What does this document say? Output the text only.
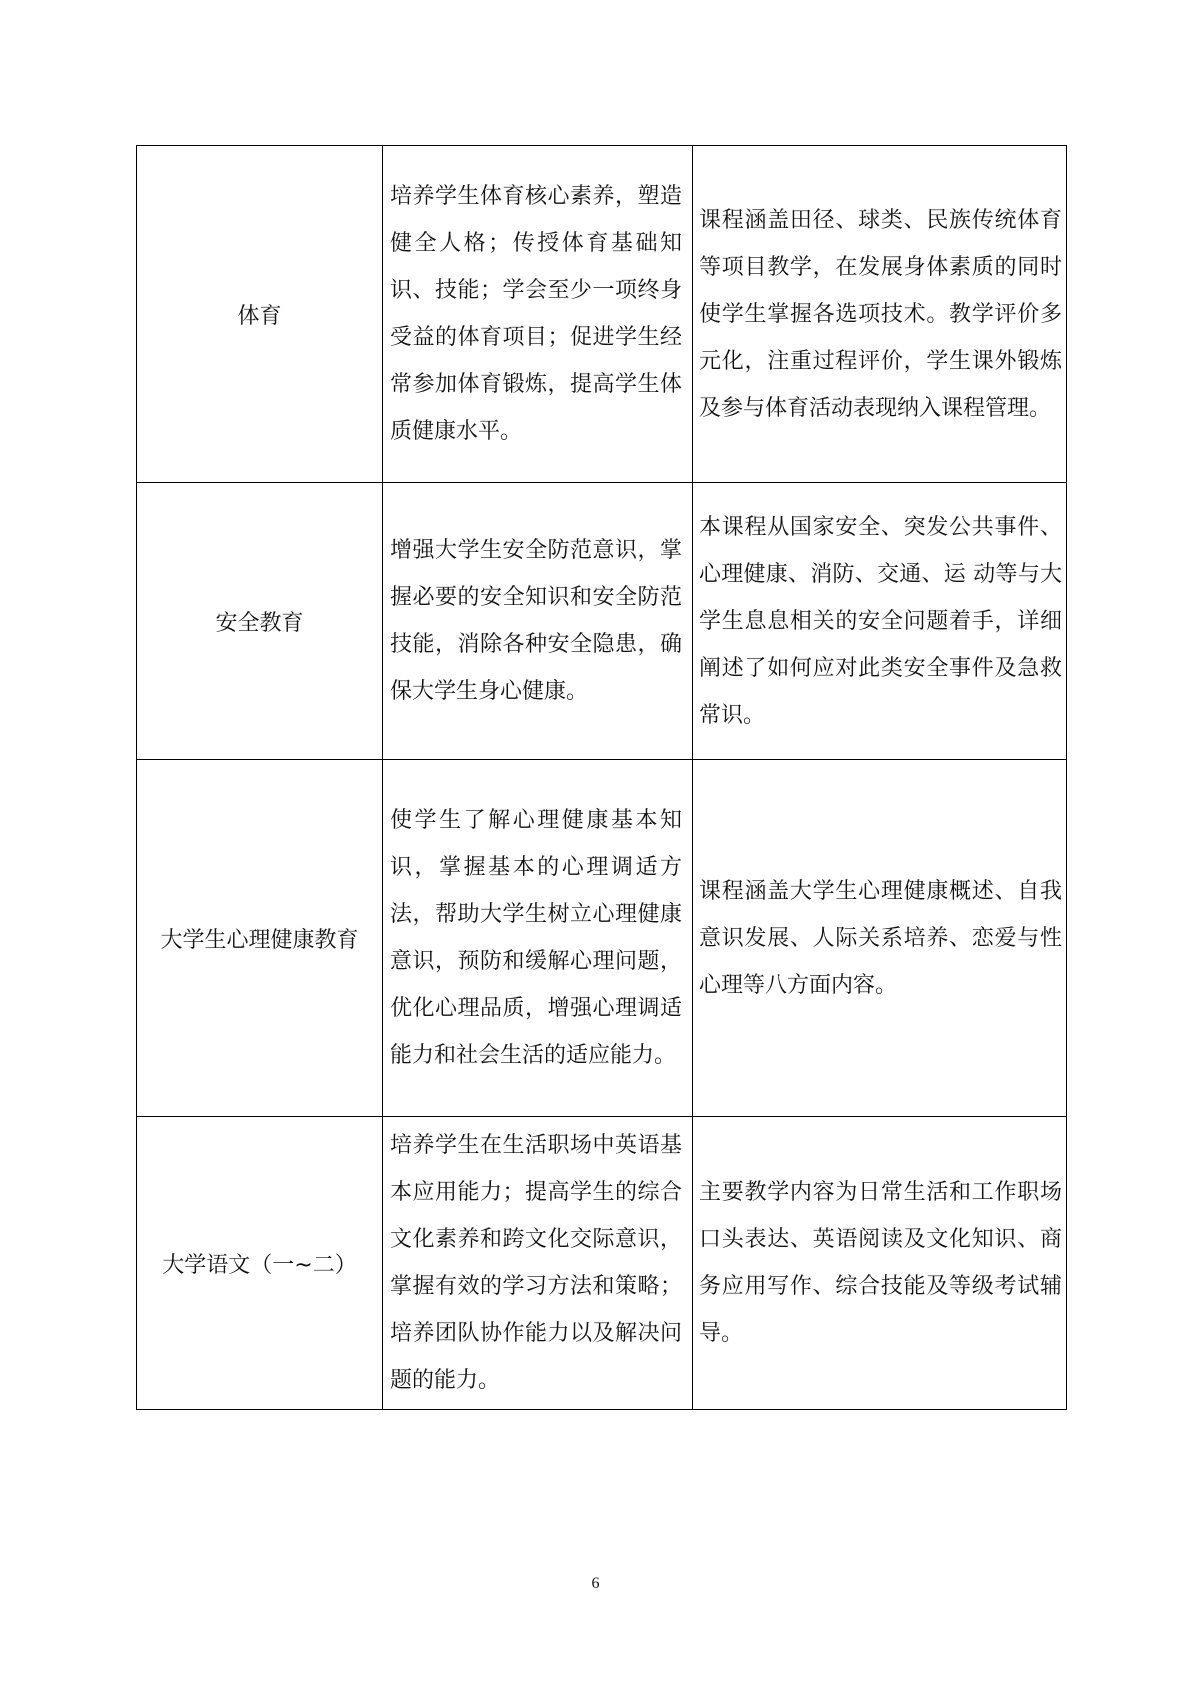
体育	培养学生体育核心素养，塑造健全人格；传授体育基础知识、技能；学会至少一项终身受益的体育项目；促进学生经常参加体育锻炼，提高学生体质健康水平。	课程涵盖田径、球类、民族传统体育等项目教学，在发展身体素质的同时使学生掌握各选项技术。教学评价多元化，注重过程评价，学生课外锻炼及参与体育活动表现纳入课程管理。
安全教育	增强大学生安全防范意识，掌握必要的安全知识和安全防范技能，消除各种安全隐患，确保大学生身心健康。	本课程从国家安全、突发公共事件、心理健康、消防、交通、运 动等与大学生息息相关的安全问题着手，详细阐述了如何应对此类安全事件及急救常识。
大学生心理健康教育	使学生了解心理健康基本知识，掌握基本的心理调适方法，帮助大学生树立心理健康意识，预防和缓解心理问题，优化心理品质，增强心理调适能力和社会生活的适应能力。	课程涵盖大学生心理健康概述、自我意识发展、人际关系培养、恋爱与性心理等八方面内容。
大学语文（一~二）	培养学生在生活职场中英语基本应用能力；提高学生的综合文化素养和跨文化交际意识，掌握有效的学习方法和策略；培养团队协作能力以及解决问题的能力。	主要教学内容为日常生活和工作职场口头表达、英语阅读及文化知识、商务应用写作、综合技能及等级考试辅导。
6
